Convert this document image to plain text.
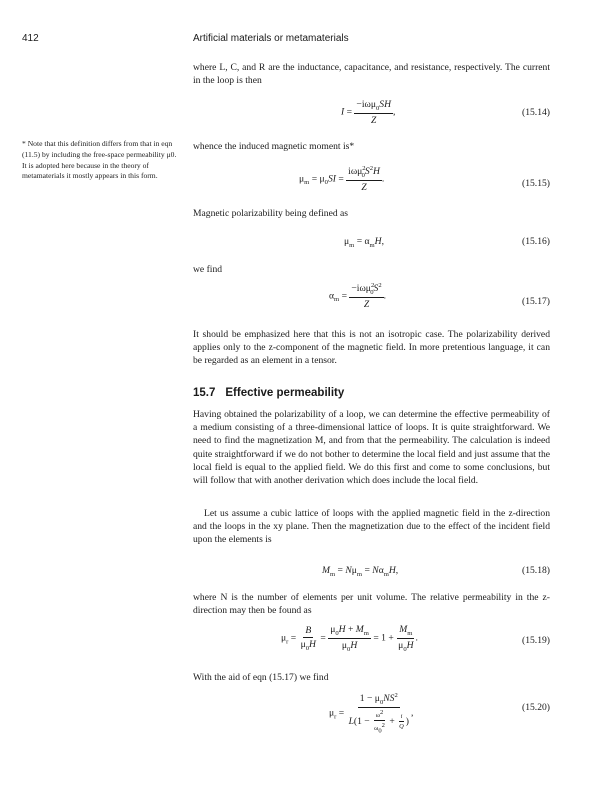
412	Artificial materials or metamaterials
* Note that this definition differs from that in eqn (11.5) by including the free-space permeability μ0. It is adopted here because in the theory of metamaterials it mostly appears in this form.

where L, C, and R are the inductance, capacitance, and resistance, respectively. The current in the loop is then

$I = \frac{-i\omega\mu_0SH}{Z}$ ,	(15.14)

whence the induced magnetic moment is*

$\mu_m = \mu_0SI = \frac{i\omega\mu^2_0S^2H}{Z}$ .	(15.15)

Magnetic polarizability being defined as

$\mu_m = \alpha_mH$,	(15.16)

we find

$\alpha_m = \frac{-i\omega\mu^2_0S^2}{Z}$ .
(15.17)

It should be emphasized here that this is not an isotropic case. The polarizability derived applies only to the z-component of the magnetic field. In more pretentious language, it can be regarded as an element in a tensor.

15.7 Effective permeability

Having obtained the polarizability of a loop, we can determine the effective permeability of a medium consisting of a three-dimensional lattice of loops. It is quite straightforward. We need to find the magnetization M, and from that the permeability. The calculation is indeed quite straightforward if we do not bother to determine the local field and just assume that the local field is equal to the applied field. We do this first and come to some conclusions, but will follow that with another derivation which does include the local field.

Let us assume a cubic lattice of loops with the applied magnetic field in the z-direction and the loops in the xy plane. Then the magnetization due to the effect of the incident field upon the elements is

$M_m = N\mu_m = N\alpha_mH$,	(15.18)

where N is the number of elements per unit volume. The relative permeability in the z-direction may then be found as

$\mu_r = \frac{B}{\mu_0H} = \frac{\mu_0H + M_m}{\mu_0H} = 1 + \frac{M_m}{\mu_0H}$ .	(15.19)

With the aid of eqn (15.17) we find

$\mu_r = \frac{1 - \mu_0NS^2}{L(1 - \frac{\omega^2}{\omega_0^2} + \frac{i}{Q} )}$ ,
(15.20)
